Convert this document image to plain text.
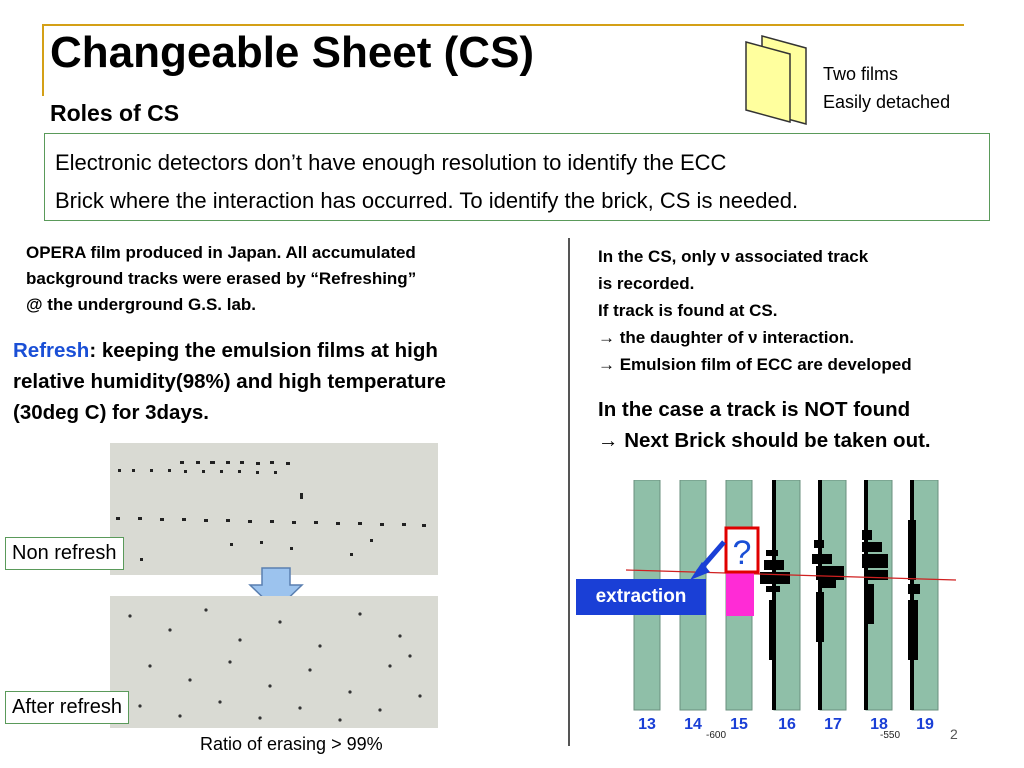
Changeable Sheet (CS)
Roles of CS
Two films
Easily detached
Electronic detectors don’t have enough resolution to identify the ECC
Brick where the interaction has occurred. To identify the brick, CS is needed.
OPERA film produced in Japan. All accumulated
background tracks were erased by “Refreshing”
@ the underground G.S. lab.
Refresh: keeping the emulsion films at high
relative humidity(98%) and high temperature
(30deg C) for 3days.
Non refresh
After refresh
Ratio of erasing > 99%
In the CS, only ν associated track
is recorded.
If track is found at CS.
→ the daughter of ν interaction.
→ Emulsion film of ECC are developed
In the case a track is NOT found
→ Next Brick should be taken out.
?
13 14 15 16 17 18 19
-600	-550
extraction
2
